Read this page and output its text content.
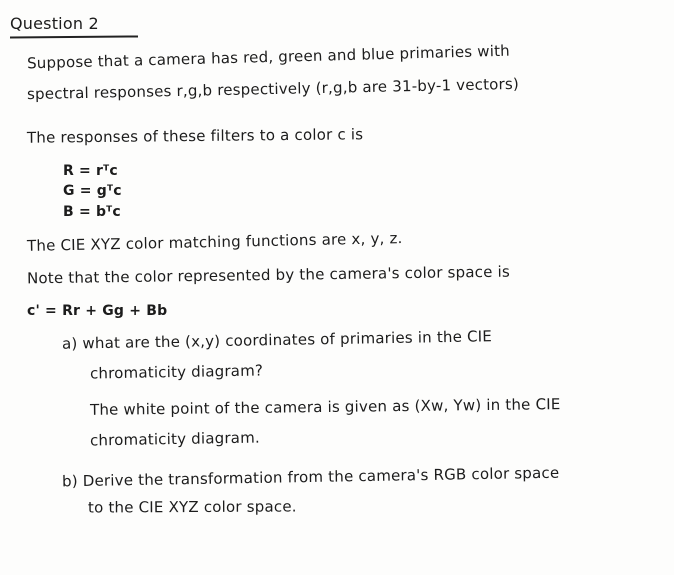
Question 2
Suppose that a camera has red, green and blue primaries with
spectral responses r,g,b respectively (r,g,b are 31-by-1 vectors)
The responses of these filters to a color c is
R = rᵀc
G = gᵀc
B = bᵀc
The CIE XYZ color matching functions are x, y, z.
Note that the color represented by the camera's color space is
c' = Rr + Gg + Bb
a) what are the (x,y) coordinates of primaries in the CIE
chromaticity diagram?
The white point of the camera is given as (Xw, Yw) in the CIE
chromaticity diagram.
b) Derive the transformation from the camera's RGB color space
to the CIE XYZ color space.
